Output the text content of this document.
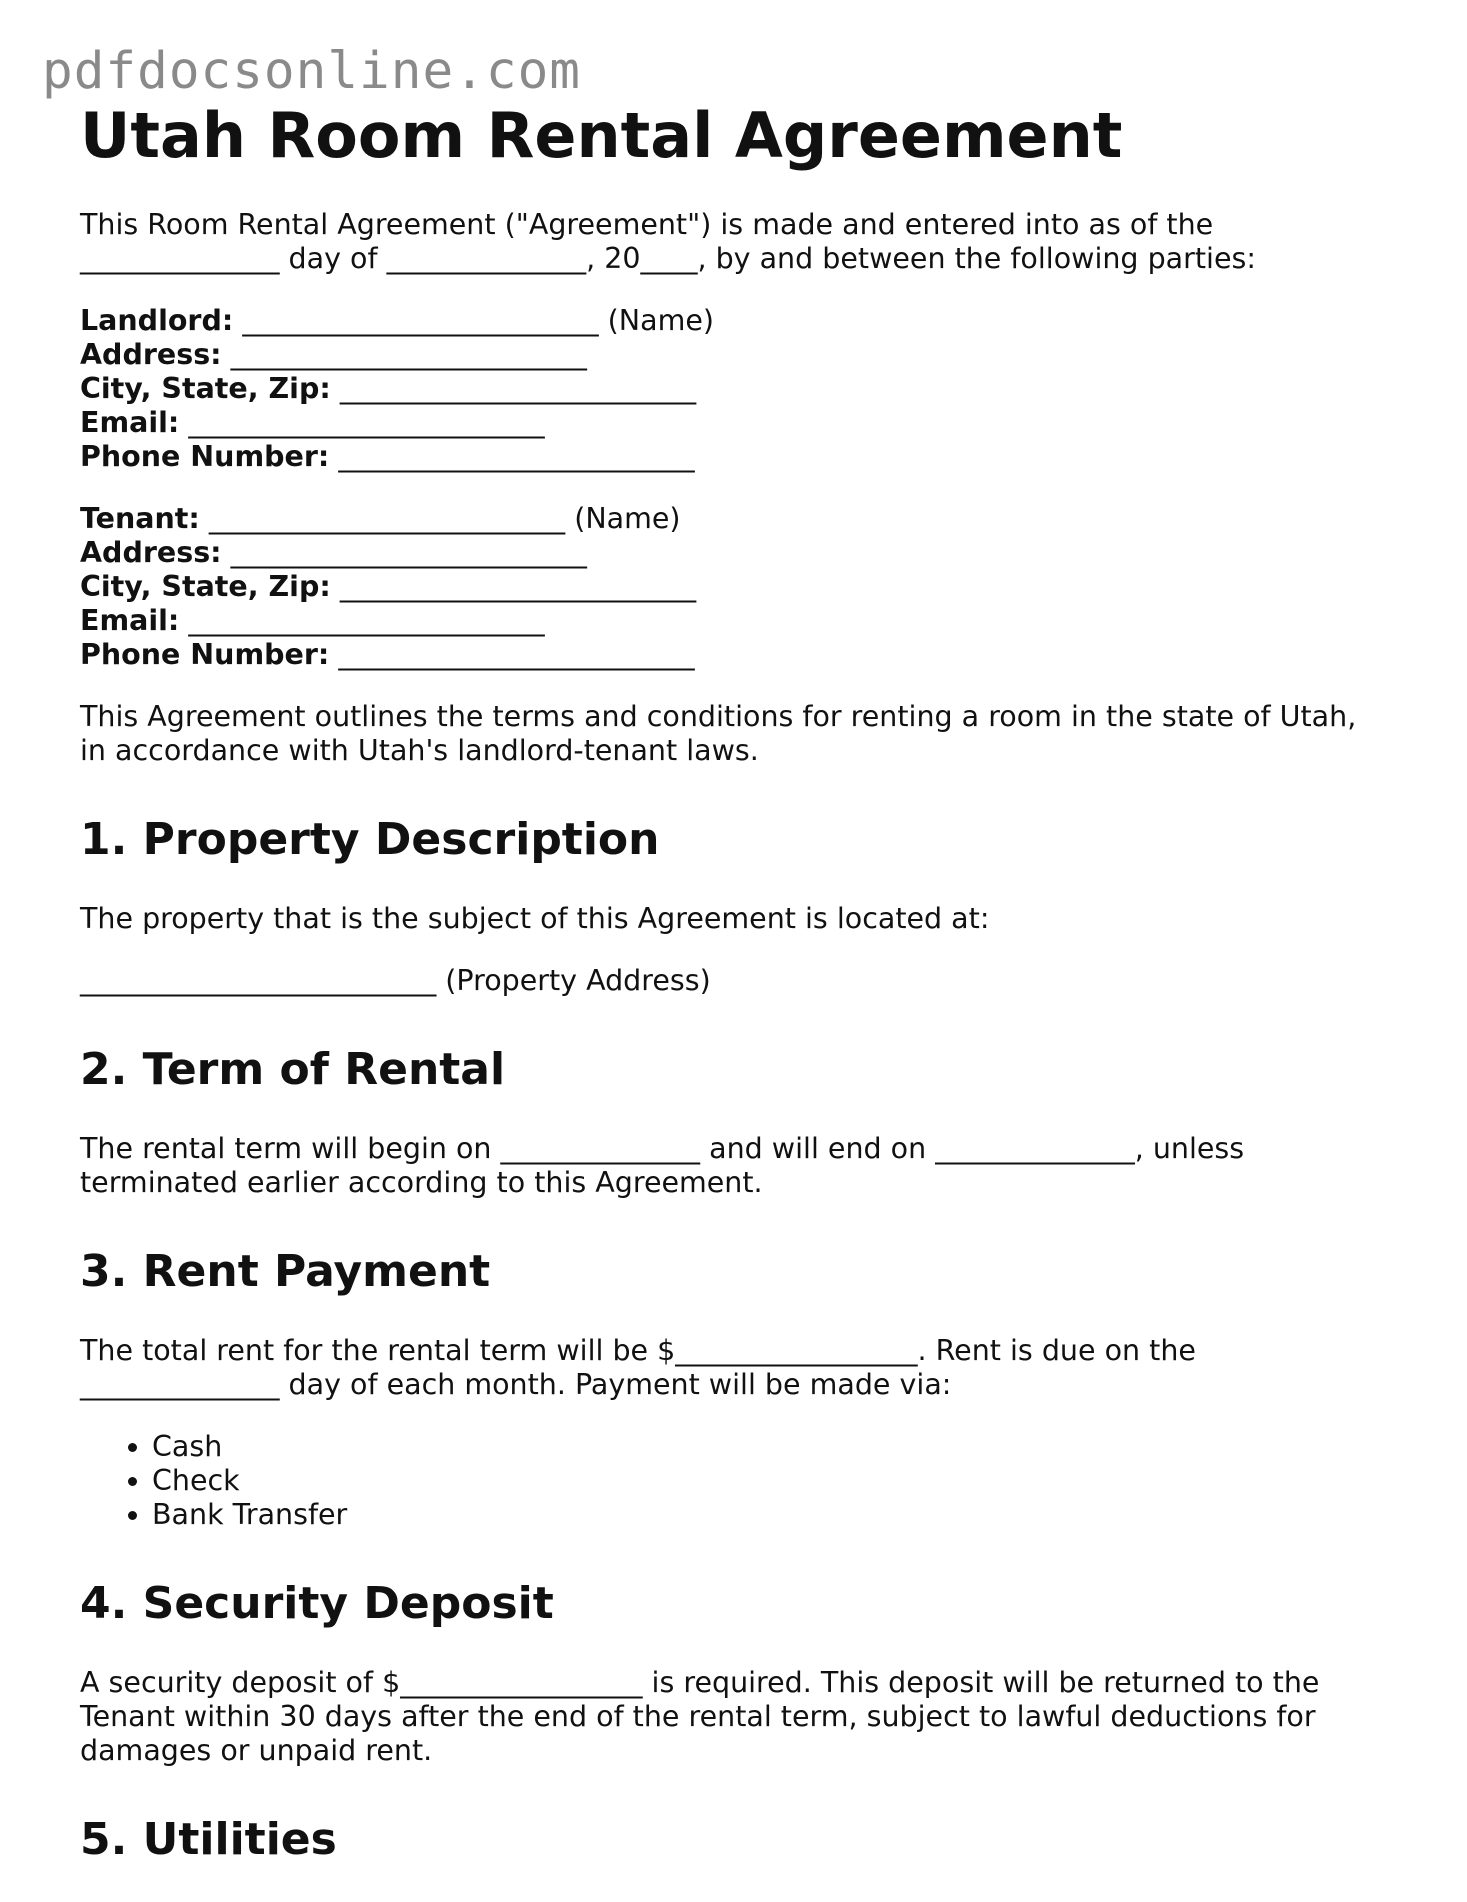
pdfdocsonline.com
Utah Room Rental Agreement

This Room Rental Agreement ("Agreement") is made and entered into as of the
______________ day of ______________, 20____, by and between the following parties:

Landlord: _________________________ (Name)
Address: _________________________
City, State, Zip: _________________________
Email: _________________________
Phone Number: _________________________
Tenant: _________________________ (Name)
Address: _________________________
City, State, Zip: _________________________
Email: _________________________
Phone Number: _________________________

This Agreement outlines the terms and conditions for renting a room in the state of Utah,
in accordance with Utah's landlord-tenant laws.

1. Property Description

The property that is the subject of this Agreement is located at:

_________________________ (Property Address)

2. Term of Rental

The rental term will begin on ______________ and will end on ______________, unless
terminated earlier according to this Agreement.

3. Rent Payment

The total rent for the rental term will be $_________________. Rent is due on the
______________ day of each month. Payment will be made via:

• Cash
• Check
• Bank Transfer
4. Security Deposit

A security deposit of $_________________ is required. This deposit will be returned to the
Tenant within 30 days after the end of the rental term, subject to lawful deductions for
damages or unpaid rent.

5. Utilities
